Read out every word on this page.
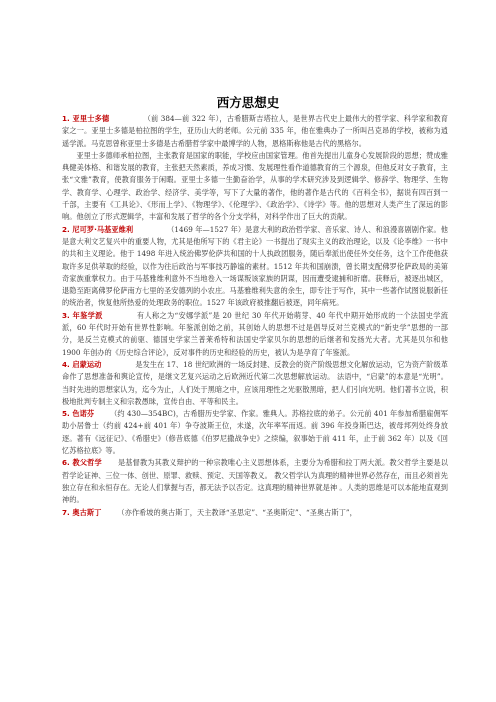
西方思想史

1. 亚里士多德	（前 384—前 322 年），古希腊斯吉塔拉人，是世界古代史上最伟大的哲学家、科学家和教育家之一。亚里士多德是柏拉图的学生，亚历山大的老师。公元前 335 年，他在雅典办了一所叫吕克昂的学校，被称为逍遥学派。马克思曾称亚里士多德是古希腊哲学家中最博学的人物，恩格斯称他是古代的黑格尔。

亚里士多德师承柏拉图，主张教育是国家的职能，学校应由国家管理。他首先提出儿童身心发展阶段的思想；赞成雅典健美体格、和谐发展的教育，主张把天然素质，养成习惯、发展理性看作道德教育的三个源泉，但他反对女子教育，主张“文雅”教育，使教育服务于闲暇。亚里士多德一生勤奋治学，从事的学术研究涉及到逻辑学、修辞学、物理学、生物学、教育学、心理学、政治学、经济学、美学等，写下了大量的著作，他的著作是古代的《百科全书》，据说有四百到一千部，主要有《工具论》、《形而上学》、《物理学》、《伦理学》、《政治学》、《诗学》等。他的思想对人类产生了深远的影响。他创立了形式逻辑学，丰富和发展了哲学的各个分支学科，对科学作出了巨大的贡献。

2. 尼可罗·马基亚维利	（1469 年—1527 年）是意大利的政治哲学家、音乐家、诗人、和浪漫喜剧剧作家。他是意大利文艺复兴中的重要人物，尤其是他所写下的《君主论》一书提出了现实主义的政治理论，以及《论李维》一书中的共和主义理论。他于 1498 年进入统治佛罗伦萨共和国的十人执政团服务，随后奉派出使任外交任务，这个工作使他获取许多足供萃取的经验，以作为往后政治与军事技巧静谧的素材。1512 年共和国崩溃，曾长期支配佛罗伦萨政局的美第奇家族重掌权力。由于马基雅维利意外不当地卷入一场谋叛该家族的阴谋，因而遭受逮捕和折磨。获释后，被逐出城区，退隐至距离佛罗伦萨南方七里的圣安德列的小农庄。马基雅维利失意的余生，即专注于写作，其中一些著作试图说服新任的统治者，恢复他所热爱的处理政务的职位。1527 年该政府被推翻后被逐，同年病死。

3. 年鉴学派	有人称之为“安娜学派”是 20 世纪 30 年代开始萌芽、40 年代中期开始形成的一个法国史学流派，60 年代时开始有世界性影响。年鉴派创始之前，其创始人的思想不过是倡导反对兰克模式的“新史学”思想的一部分，是反兰克模式的前驱、德国史学家兰普莱希特和法国史学家贝尔的思想的后继者和发扬光大者。尤其是贝尔和他 1900 年创办的《历史综合评论》，反对事件的历史和经验的历史，被认为是孕育了年鉴派。

4. 启蒙运动	是发生在 17、18 世纪欧洲的一场反封建、反教会的资产阶级思想文化解放运动，它为资产阶级革命作了思想准备和舆论宣传，是继文艺复兴运动之后欧洲近代第二次思想解放运动。 法语中，“启蒙”的本意是“光明”。当时先进的思想家认为，迄今为止，人们处于黑暗之中，应该用理性之光驱散黑暗，把人们引向光明。他们著书立说，积极地批判专制主义和宗教愚昧，宣传自由、平等和民主。

5. 色诺芬 （约 430—354BC)，古希腊历史学家、作家。雅典人。苏格拉底的弟子。公元前 401 年参加希腊雇佣军助小居鲁士（约前 424+前 401 年）争夺波斯王位，未遂，次年率军而返。前 396 年投身斯巴达，被母邦列处终身放逐。著有《远征记》、《希腊史》（修昔底德《伯罗尼撒战争史》之续编，叙事始于前 411 年，止于前 362 年）以及《回忆苏格拉底》等。

6. 教父哲学 是基督教为其教义辩护的一种宗教唯心主义思想体系，主要分为希腊和拉丁两大派。教父哲学主要是以哲学论证神、三位一体、创世、原罪、救赎、预定、天国等教义。 教父哲学认为真理的精神世界必然存在，而且必须首先独立存在和永恒存在。无论人们掌握与否，都无法予以否定。这真理的精神世界就是神 。人类的思维是可以本能地直观到神的。

7. 奥古斯丁 （亦作希坡的奥古斯丁，天主教译“圣思定”、“圣奥斯定”、“圣奥古斯丁”，
